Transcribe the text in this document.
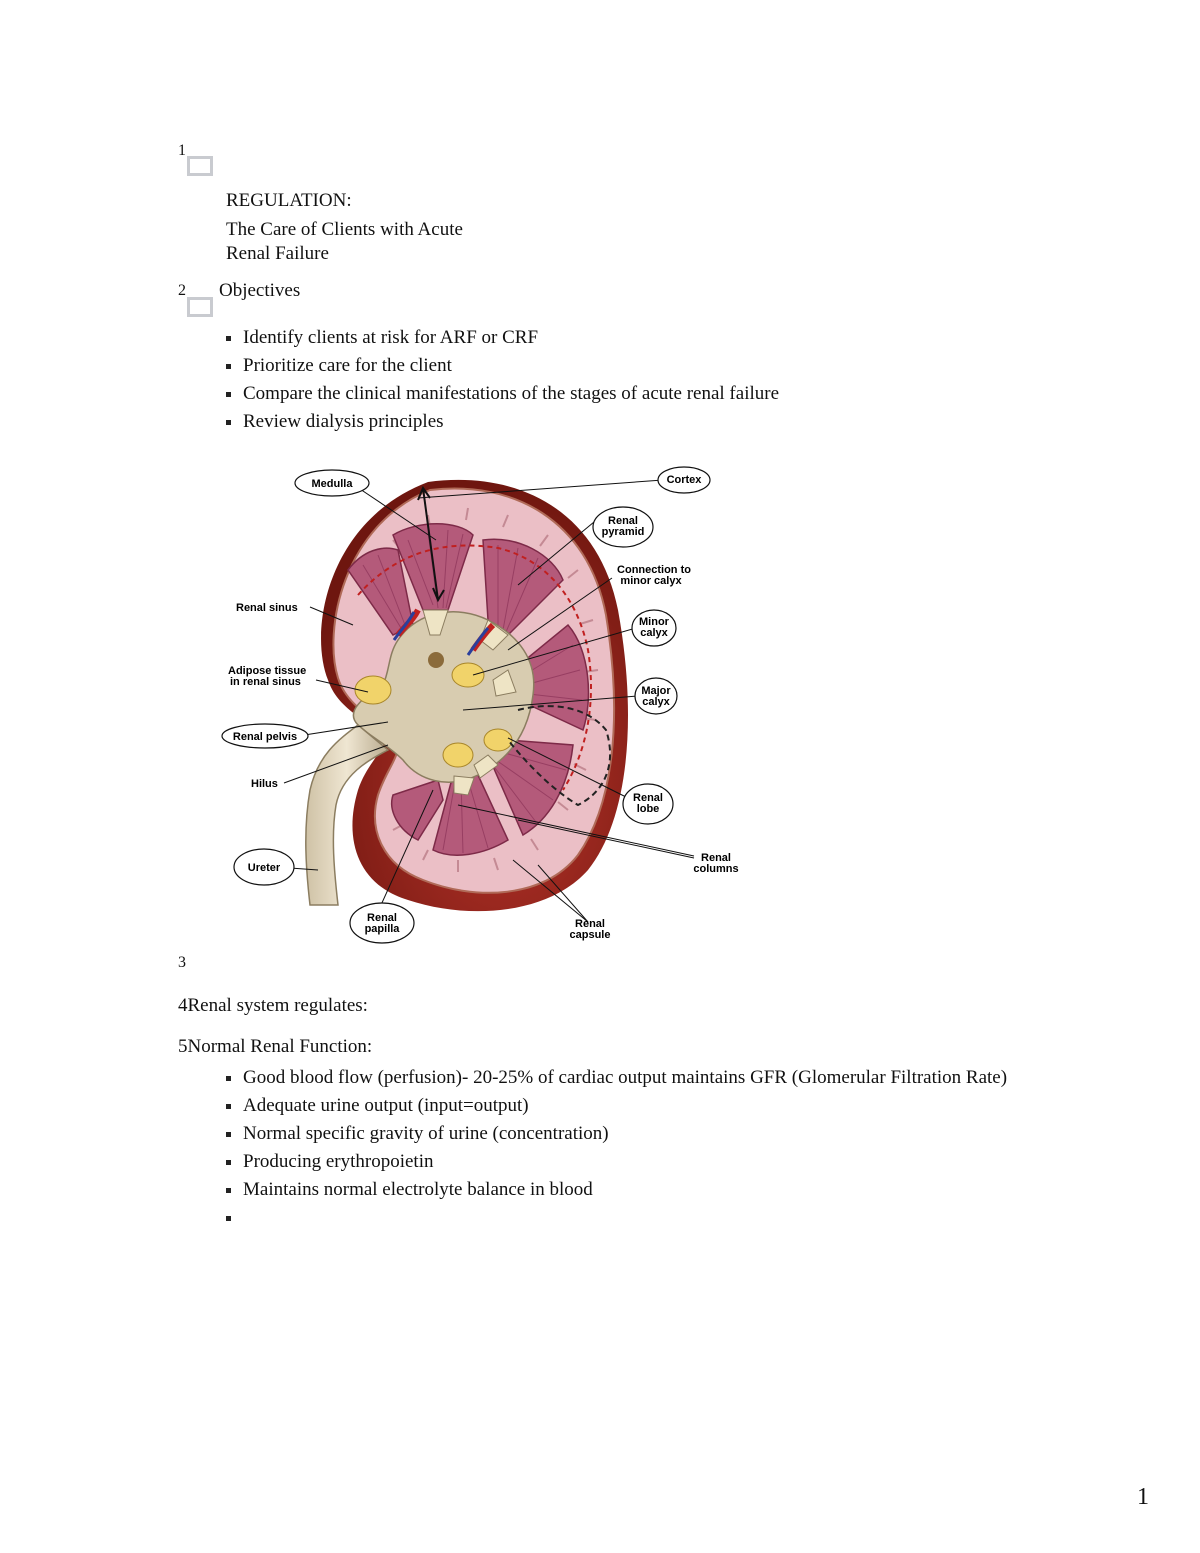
1
REGULATION:
The Care of Clients with Acute
Renal Failure
2 Objectives
Identify clients at risk for ARF or CRF
Prioritize care for the client
Compare the clinical manifestations of the stages of acute renal failure
Review dialysis principles
Medulla	Cortex
Renal
pyramid
Connection to
minor calyx
Renal sinus
Minor
calyx
Adipose tissue
in renal sinus
Major
calyx
Renal pelvis
Hilus
Renal
lobe
Renal
columns
Ureter
Renal
papilla	Renal
capsule
3
4Renal system regulates:
5Normal Renal Function:
Good blood flow (perfusion)- 20-25% of cardiac output maintains GFR (Glomerular Filtration Rate)
Adequate urine output (input=output)
Normal specific gravity of urine (concentration)
Producing erythropoietin
Maintains normal electrolyte balance in blood
1
